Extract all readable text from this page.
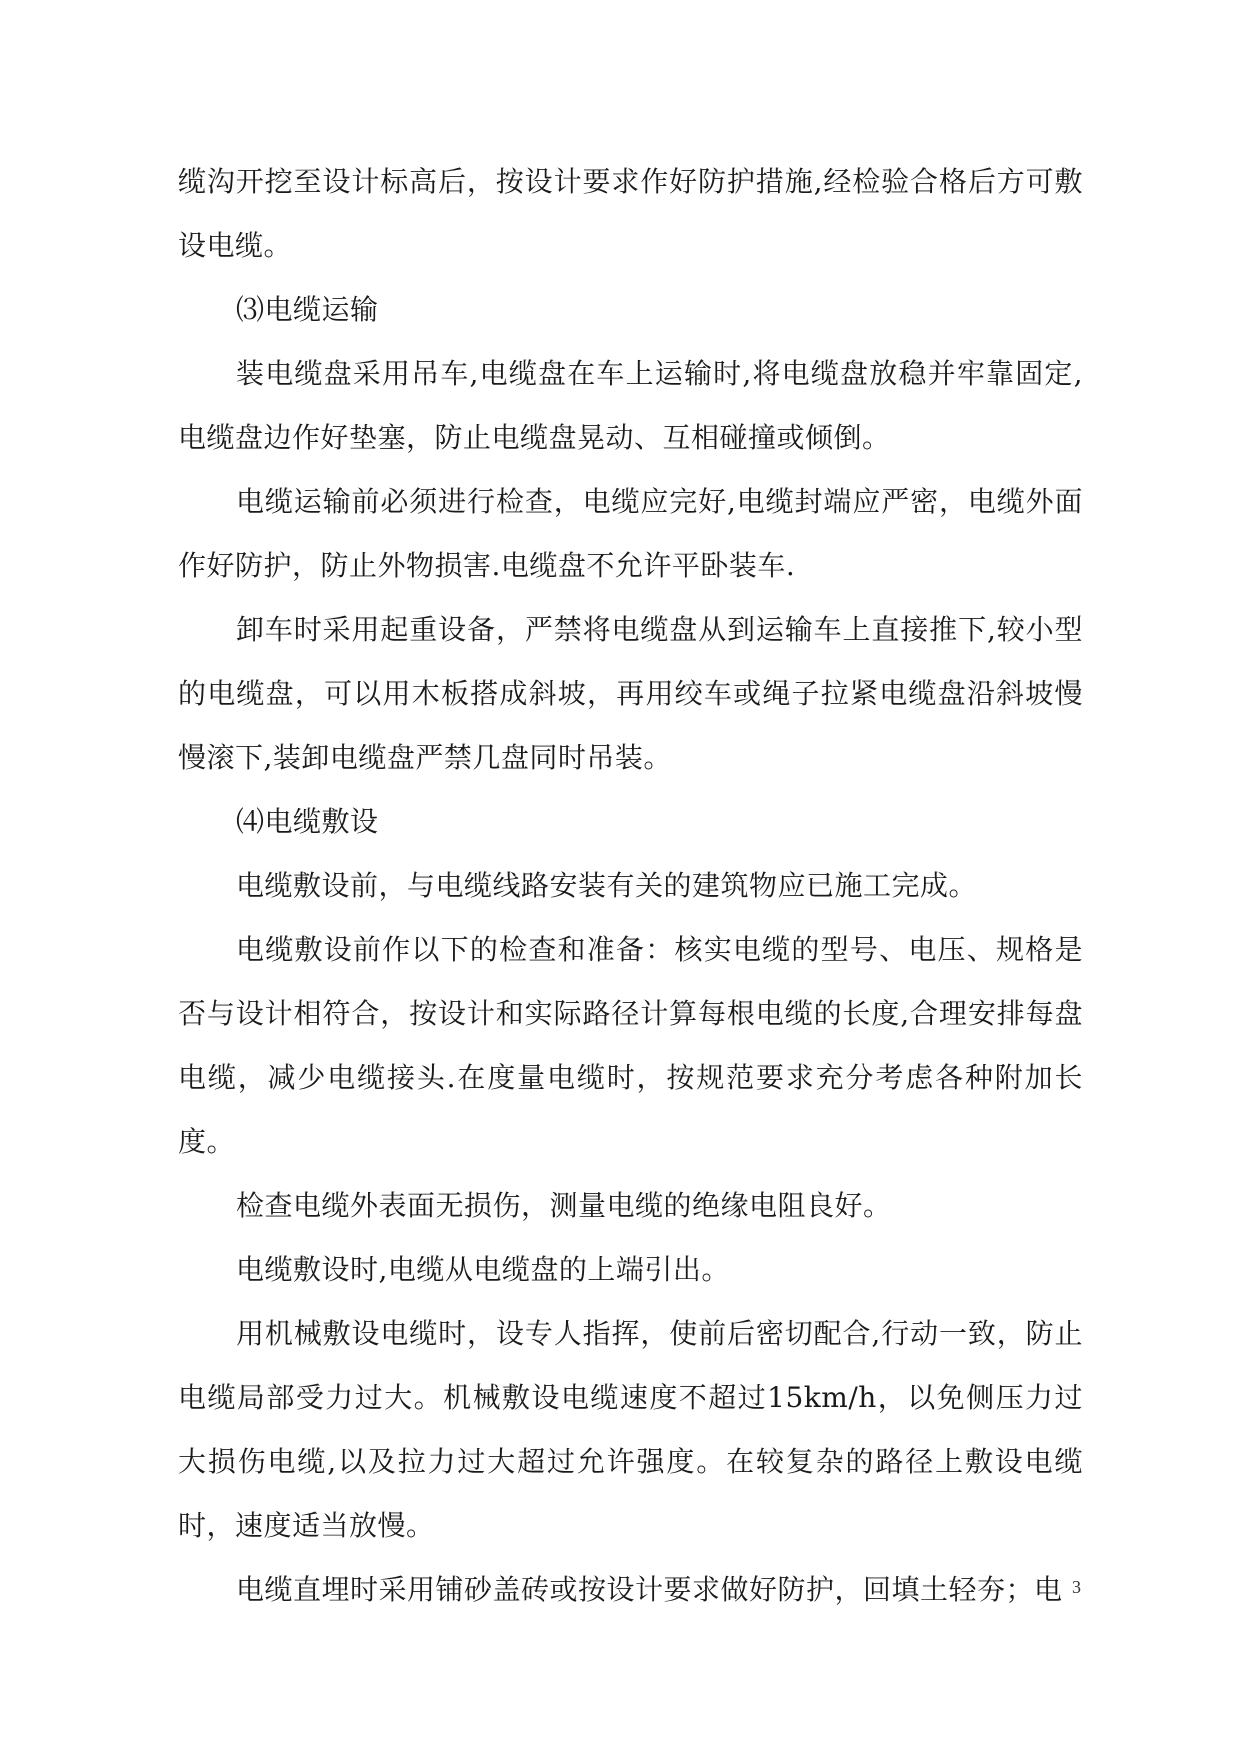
缆沟开挖至设计标高后，按设计要求作好防护措施,经检验合格后方可敷设电缆。

⑶电缆运输

装电缆盘采用吊车,电缆盘在车上运输时,将电缆盘放稳并牢靠固定,电缆盘边作好垫塞，防止电缆盘晃动、互相碰撞或倾倒。

电缆运输前必须进行检查，电缆应完好,电缆封端应严密，电缆外面作好防护，防止外物损害.电缆盘不允许平卧装车.

卸车时采用起重设备，严禁将电缆盘从到运输车上直接推下,较小型的电缆盘，可以用木板搭成斜坡，再用绞车或绳子拉紧电缆盘沿斜坡慢慢滚下,装卸电缆盘严禁几盘同时吊装。

⑷电缆敷设

电缆敷设前，与电缆线路安装有关的建筑物应已施工完成。

电缆敷设前作以下的检查和准备：核实电缆的型号、电压、规格是否与设计相符合，按设计和实际路径计算每根电缆的长度,合理安排每盘电缆，减少电缆接头.在度量电缆时，按规范要求充分考虑各种附加长度。

检查电缆外表面无损伤，测量电缆的绝缘电阻良好。

电缆敷设时,电缆从电缆盘的上端引出。

用机械敷设电缆时，设专人指挥，使前后密切配合,行动一致，防止电缆局部受力过大。机械敷设电缆速度不超过15km/h，以免侧压力过大损伤电缆,以及拉力过大超过允许强度。在较复杂的路径上敷设电缆时，速度适当放慢。

电缆直埋时采用铺砂盖砖或按设计要求做好防护，回填土轻夯；电 3
